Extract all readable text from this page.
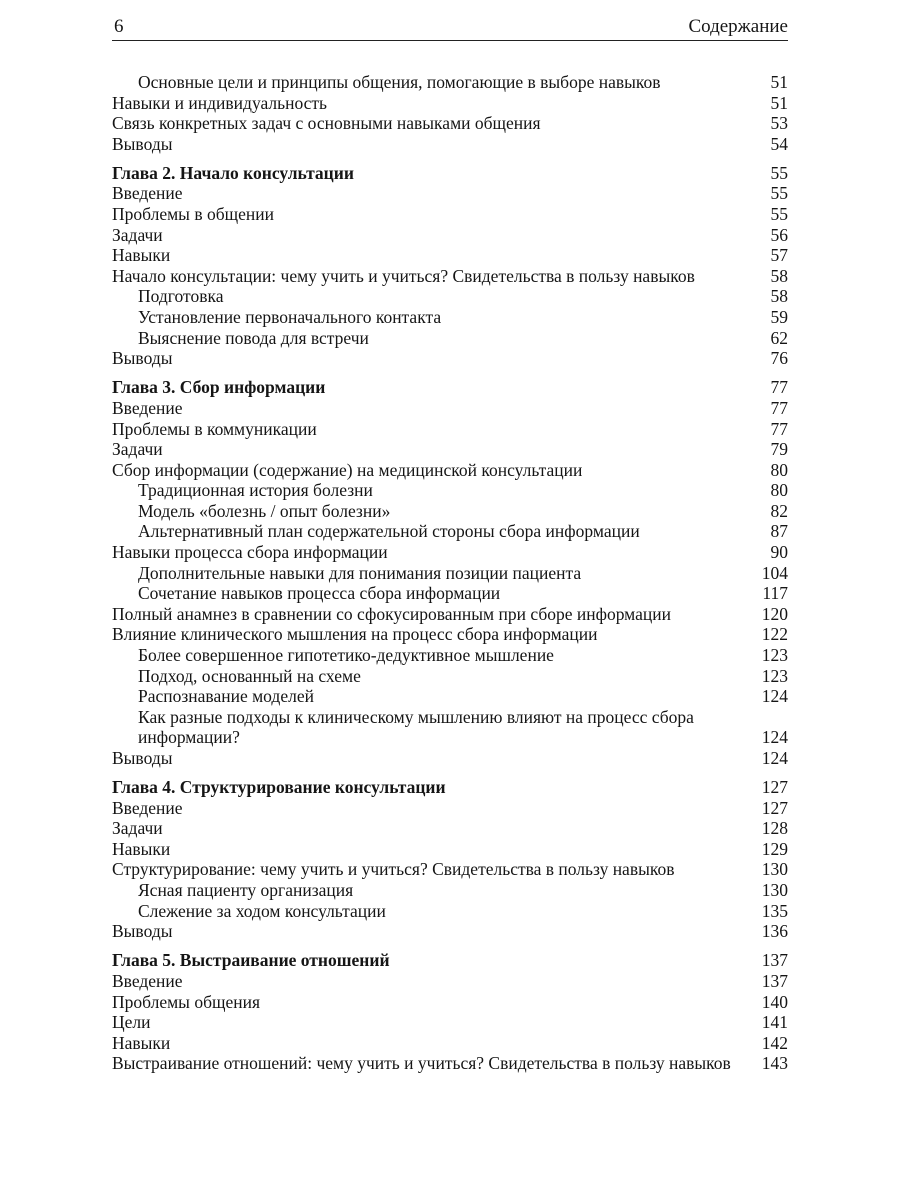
6	Содержание
Основные цели и принципы общения, помогающие в выборе навыков	51
Навыки и индивидуальность	51
Связь конкретных задач с основными навыками общения	53
Выводы	54
Глава 2. Начало консультации	55
Введение	55
Проблемы в общении	55
Задачи	56
Навыки	57
Начало консультации: чему учить и учиться? Свидетельства в пользу навыков	58
Подготовка	58
Установление первоначального контакта	59
Выяснение повода для встречи	62
Выводы	76
Глава 3. Сбор информации	77
Введение	77
Проблемы в коммуникации	77
Задачи	79
Сбор информации (содержание) на медицинской консультации	80
Традиционная история болезни	80
Модель «болезнь / опыт болезни»	82
Альтернативный план содержательной стороны сбора информации	87
Навыки процесса сбора информации	90
Дополнительные навыки для понимания позиции пациента	104
Сочетание навыков процесса сбора информации	117
Полный анамнез в сравнении со сфокусированным при сборе информации	120
Влияние клинического мышления на процесс сбора информации	122
Более совершенное гипотетико-дедуктивное мышление	123
Подход, основанный на схеме	123
Распознавание моделей	124
Как разные подходы к клиническому мышлению влияют на процесс сбора информации?	124
Выводы	124
Глава 4. Структурирование консультации	127
Введение	127
Задачи	128
Навыки	129
Структурирование: чему учить и учиться? Свидетельства в пользу навыков	130
Ясная пациенту организация	130
Слежение за ходом консультации	135
Выводы	136
Глава 5. Выстраивание отношений	137
Введение	137
Проблемы общения	140
Цели	141
Навыки	142
Выстраивание отношений: чему учить и учиться? Свидетельства в пользу навыков	143
